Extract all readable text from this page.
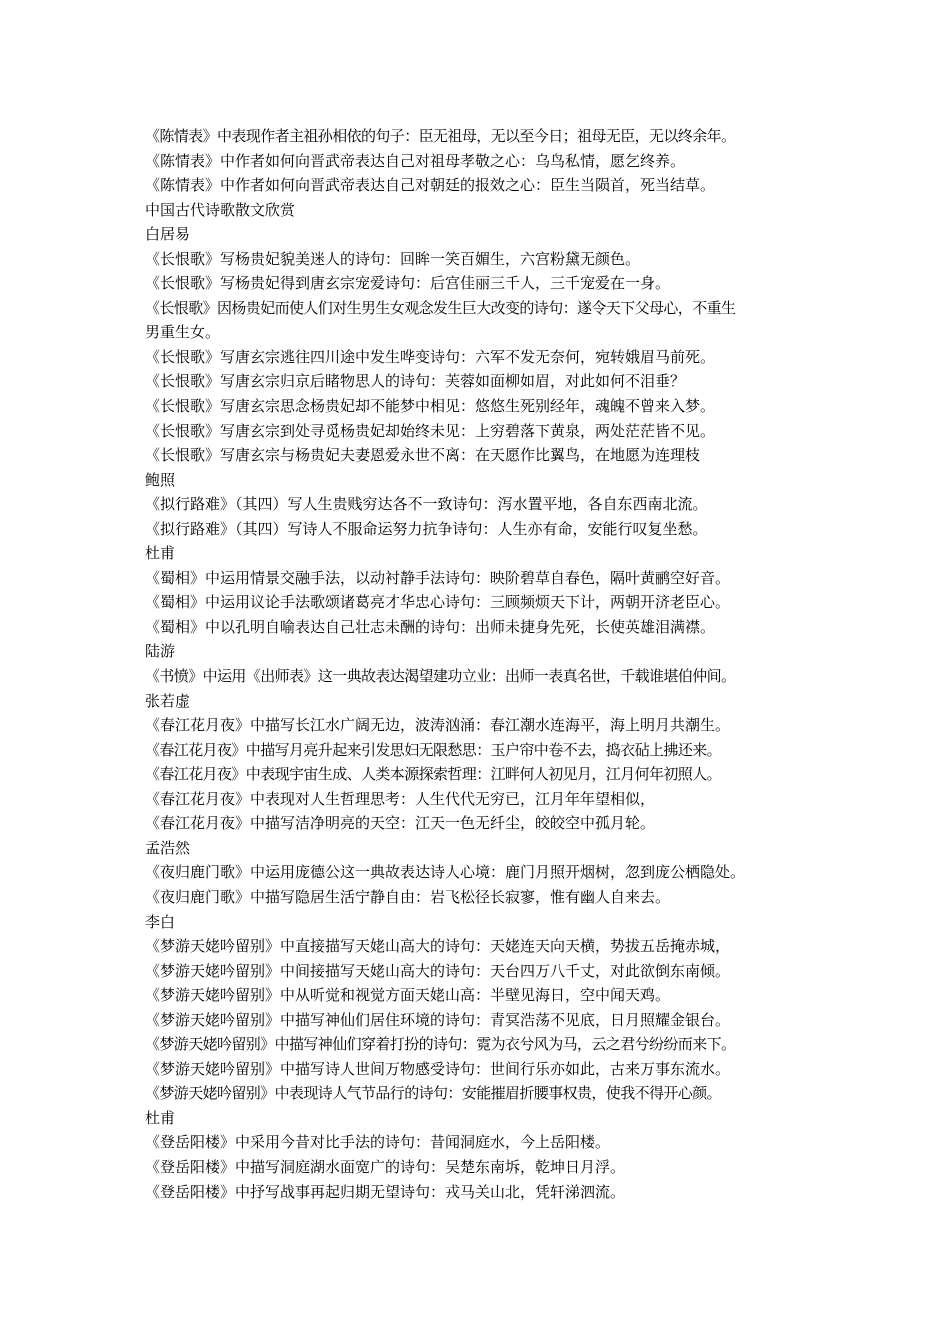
《陈情表》中表现作者主祖孙相依的句子：臣无祖母，无以至今日；祖母无臣，无以终余年。
《陈情表》中作者如何向晋武帝表达自己对祖母孝敬之心：乌鸟私情，愿乞终养。
《陈情表》中作者如何向晋武帝表达自己对朝廷的报效之心：臣生当陨首，死当结草。
中国古代诗歌散文欣赏
白居易
《长恨歌》写杨贵妃貌美迷人的诗句：回眸一笑百媚生，六宫粉黛无颜色。
《长恨歌》写杨贵妃得到唐玄宗宠爱诗句：后宫佳丽三千人，三千宠爱在一身。
《长恨歌》因杨贵妃而使人们对生男生女观念发生巨大改变的诗句：遂令天下父母心，不重生
男重生女。
《长恨歌》写唐玄宗逃往四川途中发生哗变诗句：六军不发无奈何，宛转娥眉马前死。
《长恨歌》写唐玄宗归京后睹物思人的诗句：芙蓉如面柳如眉，对此如何不泪垂？
《长恨歌》写唐玄宗思念杨贵妃却不能梦中相见：悠悠生死别经年，魂魄不曾来入梦。
《长恨歌》写唐玄宗到处寻觅杨贵妃却始终未见：上穷碧落下黄泉，两处茫茫皆不见。
《长恨歌》写唐玄宗与杨贵妃夫妻恩爱永世不离：在天愿作比翼鸟，在地愿为连理枝
鲍照
《拟行路难》（其四）写人生贵贱穷达各不一致诗句：泻水置平地，各自东西南北流。
《拟行路难》（其四）写诗人不服命运努力抗争诗句：人生亦有命，安能行叹复坐愁。
杜甫
《蜀相》中运用情景交融手法，以动衬静手法诗句：映阶碧草自春色，隔叶黄鹂空好音。
《蜀相》中运用议论手法歌颂诸葛亮才华忠心诗句：三顾频烦天下计，两朝开济老臣心。
《蜀相》中以孔明自喻表达自己壮志未酬的诗句：出师未捷身先死，长使英雄泪满襟。
陆游
《书愤》中运用《出师表》这一典故表达渴望建功立业：出师一表真名世，千载谁堪伯仲间。
张若虚
《春江花月夜》中描写长江水广阔无边，波涛汹涌：春江潮水连海平，海上明月共潮生。
《春江花月夜》中描写月亮升起来引发思妇无限愁思：玉户帘中卷不去，捣衣砧上拂还来。
《春江花月夜》中表现宇宙生成、人类本源探索哲理：江畔何人初见月，江月何年初照人。
《春江花月夜》中表现对人生哲理思考：人生代代无穷已，江月年年望相似，
《春江花月夜》中描写洁净明亮的天空：江天一色无纤尘，皎皎空中孤月轮。
孟浩然
《夜归鹿门歌》中运用庞德公这一典故表达诗人心境：鹿门月照开烟树，忽到庞公栖隐处。
《夜归鹿门歌》中描写隐居生活宁静自由：岩飞松径长寂寥，惟有幽人自来去。
李白
《梦游天姥吟留别》中直接描写天姥山高大的诗句：天姥连天向天横，势拔五岳掩赤城，
《梦游天姥吟留别》中间接描写天姥山高大的诗句：天台四万八千丈，对此欲倒东南倾。
《梦游天姥吟留别》中从听觉和视觉方面天姥山高：半壁见海日，空中闻天鸡。
《梦游天姥吟留别》中描写神仙们居住环境的诗句：青冥浩荡不见底，日月照耀金银台。
《梦游天姥吟留别》中描写神仙们穿着打扮的诗句：霓为衣兮风为马，云之君兮纷纷而来下。
《梦游天姥吟留别》中描写诗人世间万物感受诗句：世间行乐亦如此，古来万事东流水。
《梦游天姥吟留别》中表现诗人气节品行的诗句：安能摧眉折腰事权贵，使我不得开心颜。
杜甫
《登岳阳楼》中采用今昔对比手法的诗句：昔闻洞庭水，今上岳阳楼。
《登岳阳楼》中描写洞庭湖水面宽广的诗句：吴楚东南坼，乾坤日月浮。
《登岳阳楼》中抒写战事再起归期无望诗句：戎马关山北，凭轩涕泗流。
